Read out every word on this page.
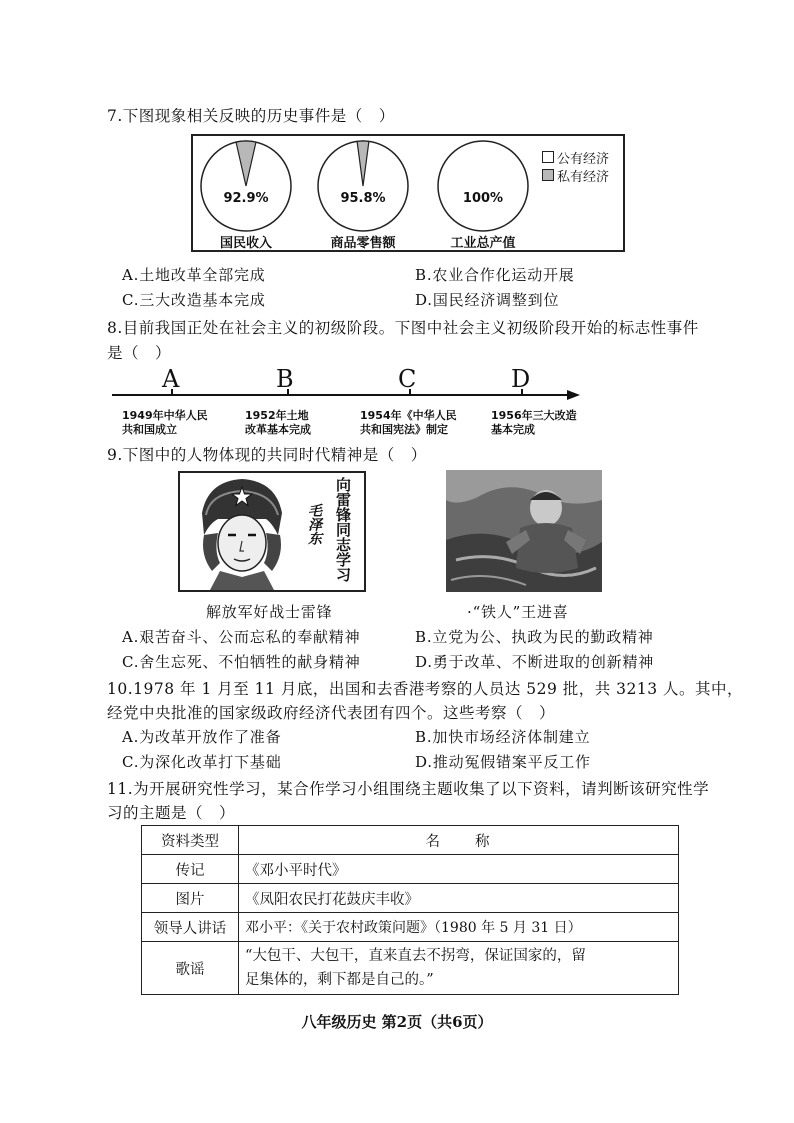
7.下图现象相关反映的历史事件是（　）
92.9%	95.8%	100%
国民收入	商品零售额	工业总产值
公有经济
私有经济
A.土地改革全部完成	B.农业合作化运动开展
C.三大改造基本完成	D.国民经济调整到位
8.目前我国正处在社会主义的初级阶段。下图中社会主义初级阶段开始的标志性事件
是（　）
A	B	C	D
1949年中华人民
共和国成立
1952年土地
改革基本完成
1954年《中华人民
共和国宪法》制定
1956年三大改造
基本完成
9.下图中的人物体现的共同时代精神是（　）
向雷锋同志学习
毛泽东
解放军好战士雷锋	·“铁人”王进喜
A.艰苦奋斗、公而忘私的奉献精神	B.立党为公、执政为民的勤政精神
C.舍生忘死、不怕牺牲的献身精神	D.勇于改革、不断进取的创新精神
10.1978 年 1 月至 11 月底，出国和去香港考察的人员达 529 批，共 3213 人。其中，
经党中央批准的国家级政府经济代表团有四个。这些考察（　）
A.为改革开放作了准备	B.加快市场经济体制建立
C.为深化改革打下基础	D.推动冤假错案平反工作
11.为开展研究性学习，某合作学习小组围绕主题收集了以下资料，请判断该研究性学
习的主题是（　）
资料类型	名　　称
传记	《邓小平时代》
图片	《凤阳农民打花鼓庆丰收》
领导人讲话	邓小平：《关于农村政策问题》（1980 年 5 月 31 日）
歌谣	“大包干、大包干，直来直去不拐弯，保证国家的，留
足集体的，剩下都是自己的。”
八年级历史 第2页（共6页）
